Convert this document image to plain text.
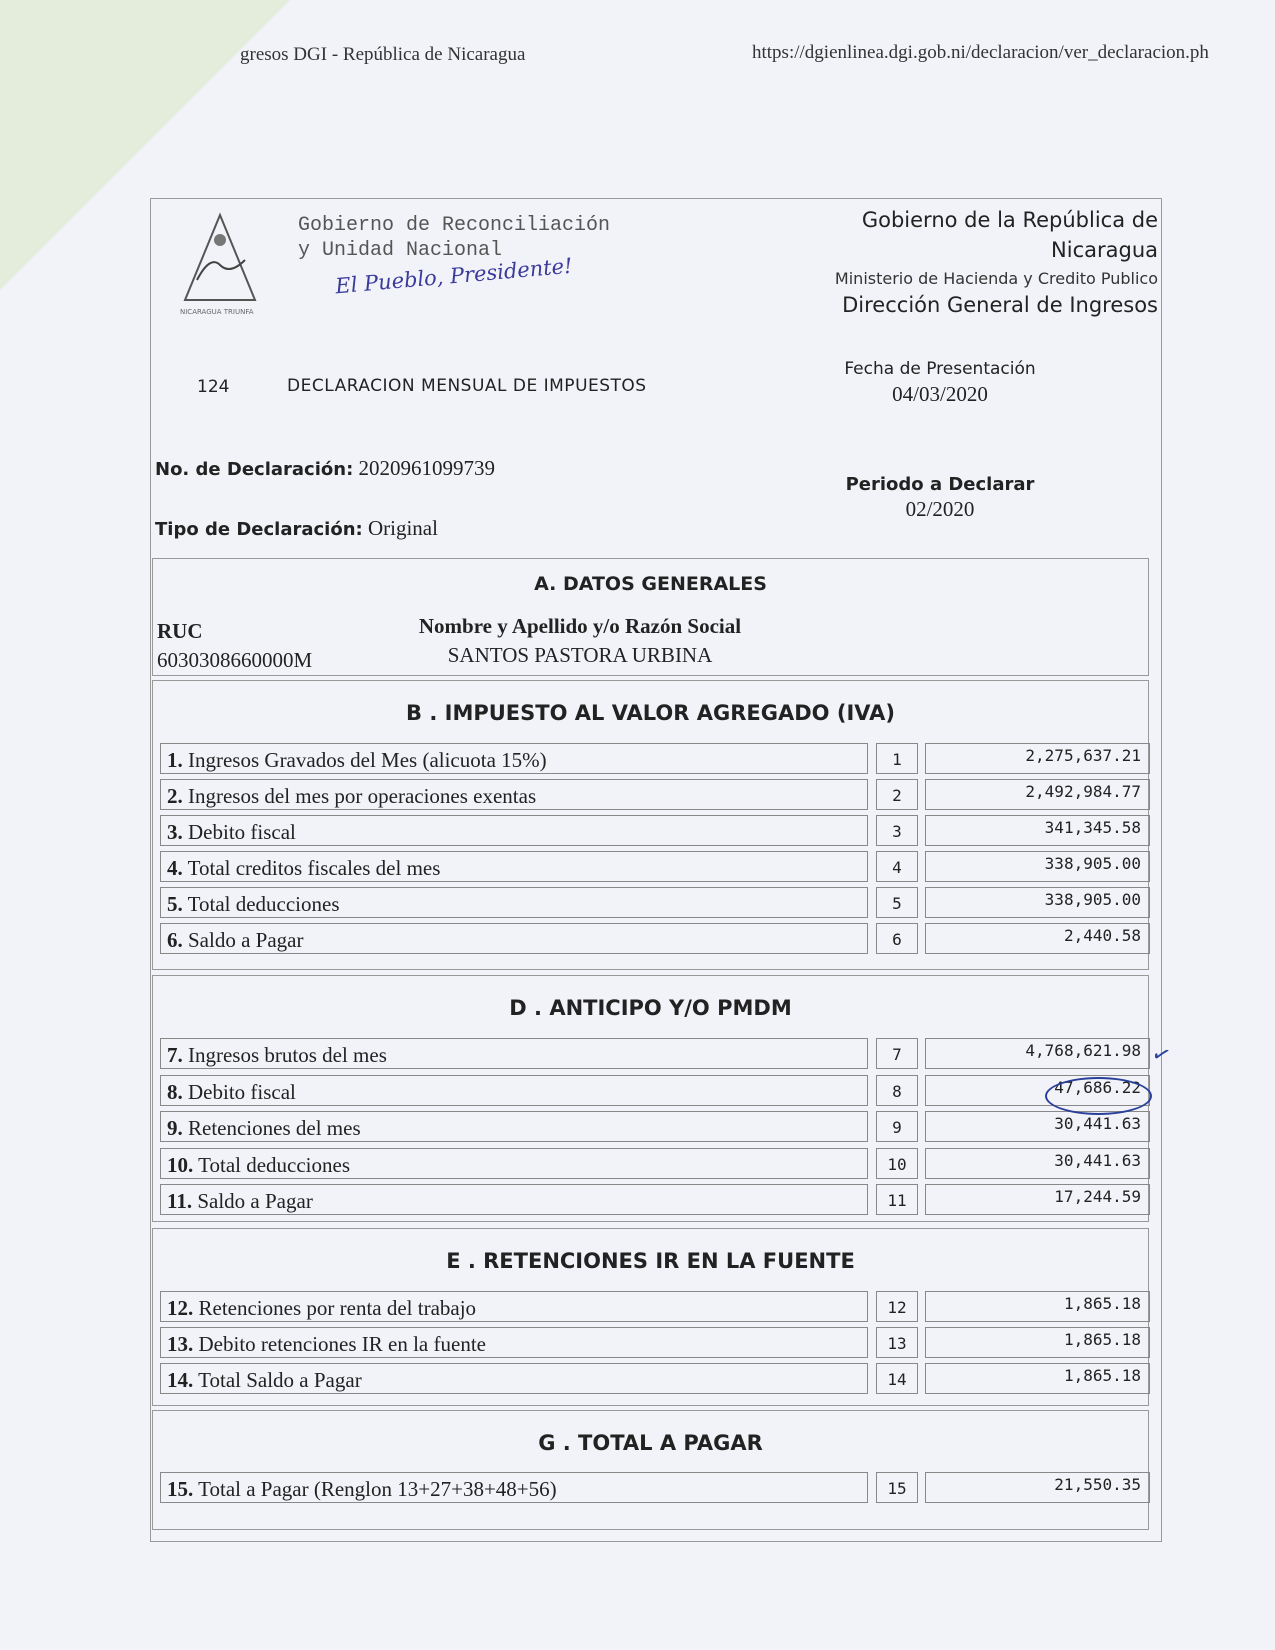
gresos DGI - República de Nicaragua	https://dgienlinea.dgi.gob.ni/declaracion/ver_declaracion.ph
NICARAGUA TRIUNFA
Gobierno de Reconciliación
y Unidad Nacional
El Pueblo, Presidente!
Gobierno de la República de
Nicaragua
Ministerio de Hacienda y Credito Publico
Dirección General de Ingresos
124	DECLARACION MENSUAL DE IMPUESTOS
Fecha de Presentación
04/03/2020
No. de Declaración: 2020961099739
Periodo a Declarar
02/2020
Tipo de Declaración: Original
A. DATOS GENERALES
RUC
6030308660000M
Nombre y Apellido y/o Razón Social
SANTOS PASTORA URBINA
B . IMPUESTO AL VALOR AGREGADO (IVA)
1. Ingresos Gravados del Mes (alicuota 15%)	1	2,275,637.21
2. Ingresos del mes por operaciones exentas	2	2,492,984.77
3. Debito fiscal	3	341,345.58
4. Total creditos fiscales del mes	4	338,905.00
5. Total deducciones	5	338,905.00
6. Saldo a Pagar	6	2,440.58
D . ANTICIPO Y/O PMDM
7. Ingresos brutos del mes	7	4,768,621.98
8. Debito fiscal	8	47,686.22
9. Retenciones del mes	9	30,441.63
10. Total deducciones	10	30,441.63
11. Saldo a Pagar	11	17,244.59
E . RETENCIONES IR EN LA FUENTE
12. Retenciones por renta del trabajo	12	1,865.18
13. Debito retenciones IR en la fuente	13	1,865.18
14. Total Saldo a Pagar	14	1,865.18
G . TOTAL A PAGAR
15. Total a Pagar (Renglon 13+27+38+48+56)	15	21,550.35
✓
